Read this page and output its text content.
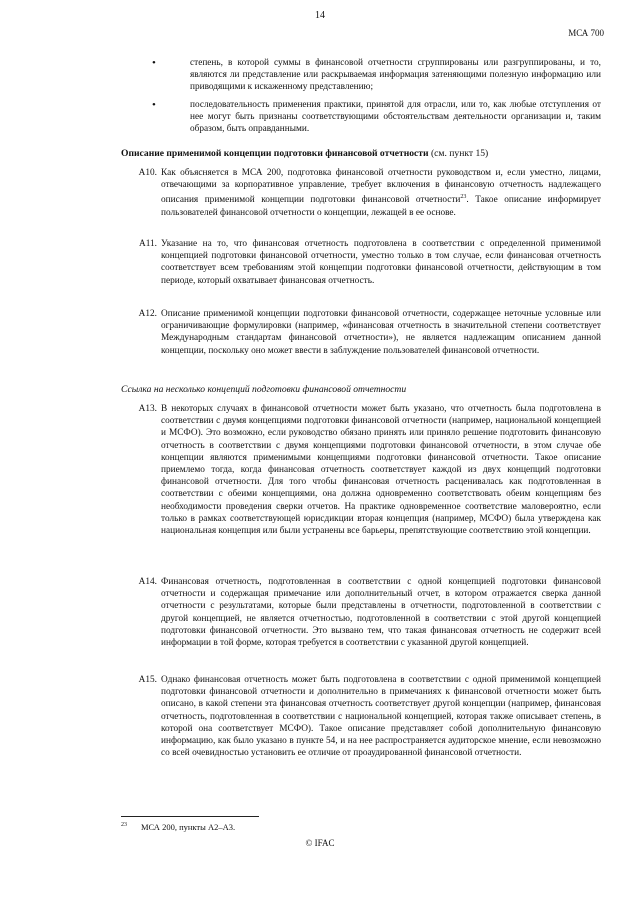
14
МСА 700
•	степень, в которой суммы в финансовой отчетности сгруппированы или разгруппированы, и то, являются ли представление или раскрываемая информация затеняющими полезную информацию или приводящими к искаженному представлению;
•	последовательность применения практики, принятой для отрасли, или то, как любые отступления от нее могут быть признаны соответствующими обстоятельствам деятельности организации и, таким образом, быть оправданными.
Описание применимой концепции подготовки финансовой отчетности (см. пункт 15)
A10. Как объясняется в МСА 200, подготовка финансовой отчетности руководством и, если уместно, лицами, отвечающими за корпоративное управление, требует включения в финансовую отчетность надлежащего описания применимой концепции подготовки финансовой отчетности$^{23}$. Такое описание информирует пользователей финансовой отчетности о концепции, лежащей в ее основе.
A11. Указание на то, что финансовая отчетность подготовлена в соответствии с определенной применимой концепцией подготовки финансовой отчетности, уместно только в том случае, если финансовая отчетность соответствует всем требованиям этой концепции подготовки финансовой отчетности, действующим в том периоде, который охватывает финансовая отчетность.
A12. Описание применимой концепции подготовки финансовой отчетности, содержащее неточные условные или ограничивающие формулировки (например, «финансовая отчетность в значительной степени соответствует Международным стандартам финансовой отчетности»), не является надлежащим описанием данной концепции, поскольку оно может ввести в заблуждение пользователей финансовой отчетности.
Ссылка на несколько концепций подготовки финансовой отчетности
A13. В некоторых случаях в финансовой отчетности может быть указано, что отчетность была подготовлена в соответствии с двумя концепциями подготовки финансовой отчетности (например, национальной концепцией и МСФО). Это возможно, если руководство обязано принять или приняло решение подготовить финансовую отчетность в соответствии с двумя концепциями подготовки финансовой отчетности, в этом случае обе концепции являются применимыми концепциями подготовки финансовой отчетности. Такое описание приемлемо тогда, когда финансовая отчетность соответствует каждой из двух концепций подготовки финансовой отчетности. Для того чтобы финансовая отчетность расценивалась как подготовленная в соответствии с обеими концепциями, она должна одновременно соответствовать обеим концепциям без необходимости проведения сверки отчетов. На практике одновременное соответствие маловероятно, если только в рамках соответствующей юрисдикции вторая концепция (например, МСФО) была утверждена как национальная концепция или были устранены все барьеры, препятствующие соответствию этой концепции.
A14. Финансовая отчетность, подготовленная в соответствии с одной концепцией подготовки финансовой отчетности и содержащая примечание или дополнительный отчет, в котором отражается сверка данной отчетности с результатами, которые были представлены в отчетности, подготовленной в соответствии с другой концепцией, не является отчетностью, подготовленной в соответствии с этой другой концепцией подготовки финансовой отчетности. Это вызвано тем, что такая финансовая отчетность не содержит всей информации в той форме, которая требуется в соответствии с указанной другой концепцией.
A15. Однако финансовая отчетность может быть подготовлена в соответствии с одной применимой концепцией подготовки финансовой отчетности и дополнительно в примечаниях к финансовой отчетности может быть описано, в какой степени эта финансовая отчетность соответствует другой концепции (например, финансовая отчетность, подготовленная в соответствии с национальной концепцией, которая также описывает степень, в которой она соответствует МСФО). Такое описание представляет собой дополнительную финансовую информацию, как было указано в пункте 54, и на нее распространяется аудиторское мнение, если невозможно со всей очевидностью установить ее отличие от проаудированной финансовой отчетности.
$^{23}$ МСА 200, пункты А2–А3.
© IFAC
